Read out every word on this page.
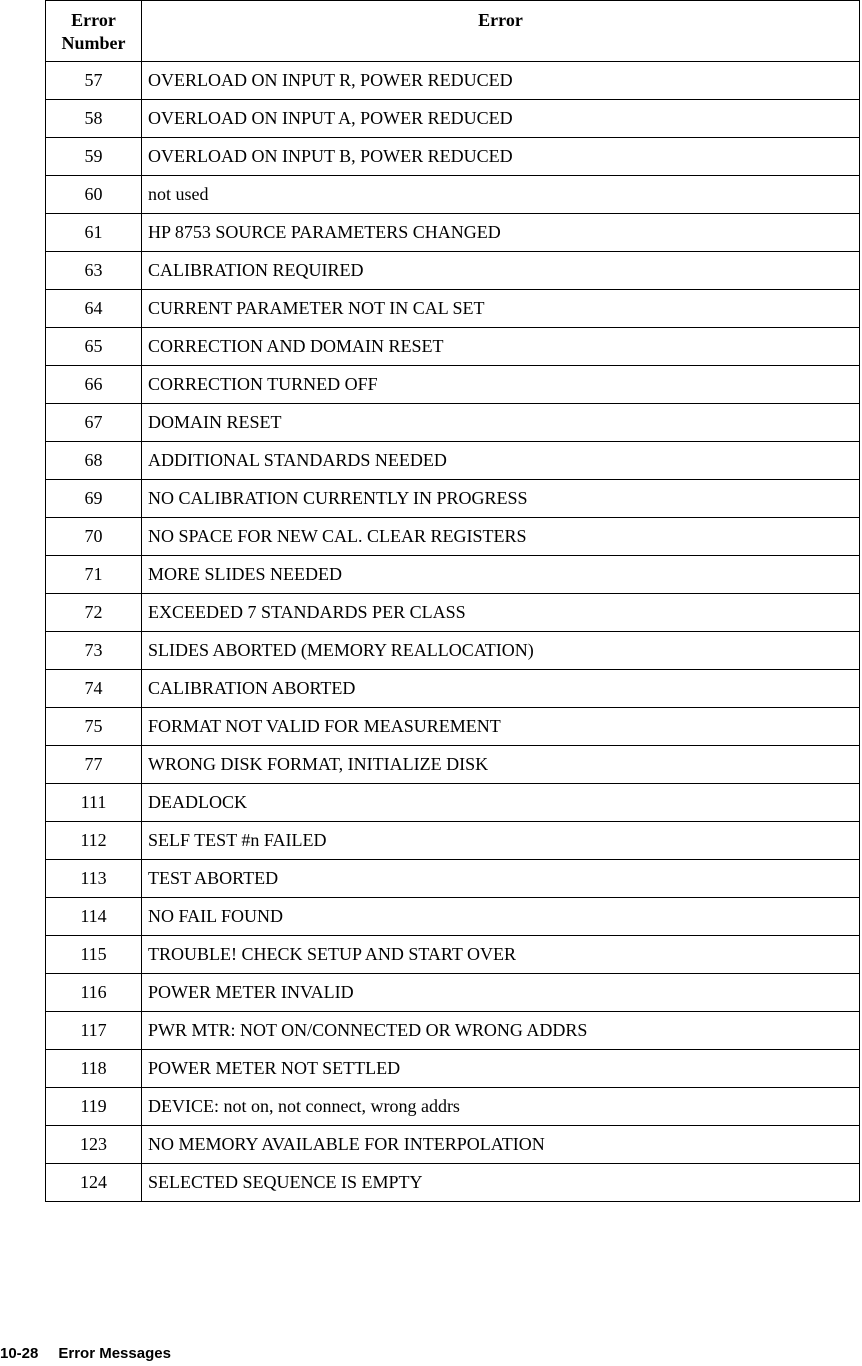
Error
Number	Error
57	OVERLOAD ON INPUT R, POWER REDUCED
58	OVERLOAD ON INPUT A, POWER REDUCED
59	OVERLOAD ON INPUT B, POWER REDUCED
60	not used
61	HP 8753 SOURCE PARAMETERS CHANGED
63	CALIBRATION REQUIRED
64	CURRENT PARAMETER NOT IN CAL SET
65	CORRECTION AND DOMAIN RESET
66	CORRECTION TURNED OFF
67	DOMAIN RESET
68	ADDITIONAL STANDARDS NEEDED
69	NO CALIBRATION CURRENTLY IN PROGRESS
70	NO SPACE FOR NEW CAL. CLEAR REGISTERS
71	MORE SLIDES NEEDED
72	EXCEEDED 7 STANDARDS PER CLASS
73	SLIDES ABORTED (MEMORY REALLOCATION)
74	CALIBRATION ABORTED
75	FORMAT NOT VALID FOR MEASUREMENT
77	WRONG DISK FORMAT, INITIALIZE DISK
111	DEADLOCK
112	SELF TEST #n FAILED
113	TEST ABORTED
114	NO FAIL FOUND
115	TROUBLE! CHECK SETUP AND START OVER
116	POWER METER INVALID
117	PWR MTR: NOT ON/CONNECTED OR WRONG ADDRS
118	POWER METER NOT SETTLED
119	DEVICE: not on, not connect, wrong addrs
123	NO MEMORY AVAILABLE FOR INTERPOLATION
124	SELECTED SEQUENCE IS EMPTY
10-28 Error Messages
